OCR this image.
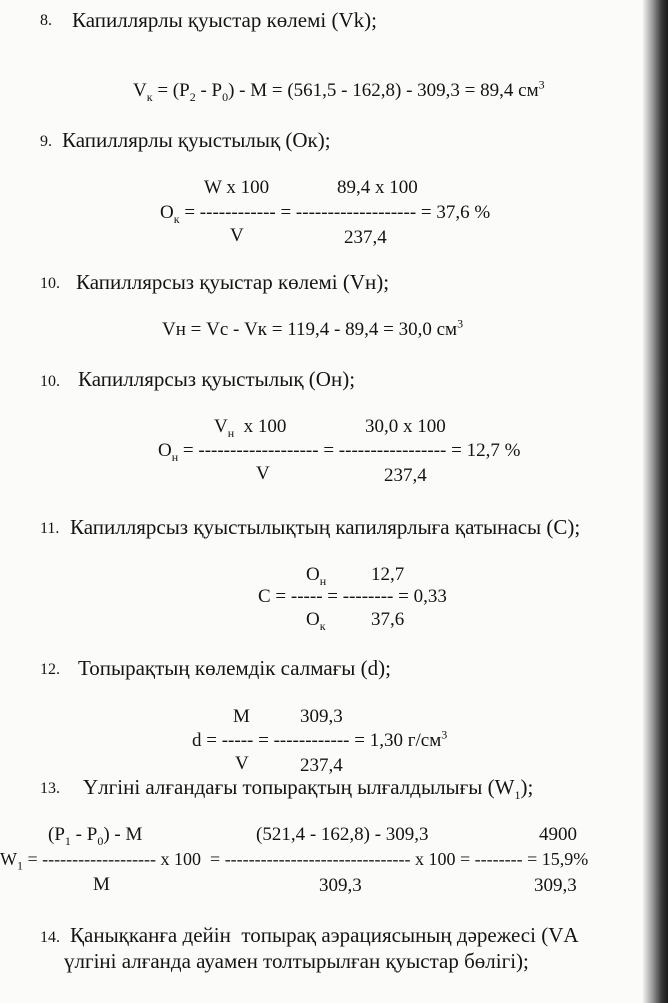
8. Капиллярлы қуыстар көлемі (Vk);
$V_к = (P_2 - P_0) - M = (561,5 - 162,8) - 309,3 = 89,4$ $см^3$
9. Капиллярлы қуыстылық (Ок);
W х 100	89,4 х 100
$О_к$ = ------------ = ------------------- = 37,6 %
V	237,4
10. Капиллярсыз қуыстар көлемі (Vн);
Vн = Vс - Vк = 119,4 - 89,4 = 30,0 $см^3$
10. Капиллярсыз қуыстылық (Он);
$V_н$  х 100	30,0 х 100
$О_н$ = ------------------- = ----------------- = 12,7 %
V	237,4
11. Капиллярсыз қуыстылықтың капилярлыға қатынасы (С);
$О_н$ 12,7
С = ----- = -------- = 0,33
$О_к$ 37,6
12. Топырақтың көлемдік салмағы (d);
M	309,3
d = ----- = ------------ = 1,30 $г/см^3$
V	237,4
13. Үлгіні алғандағы топырақтың ылғалдылығы $(W_1)$;
$(P_1 - P_0)$ - M	(521,4 - 162,8) - 309,3	4900
$W_1$ = ------------------- х 100  = ------------------------------- х 100 = -------- = 15,9%
M	309,3	309,3
14. Қанықканға дейін  топырақ аэрациясының дәрежесі (VА
үлгіні алғанда ауамен толтырылған қуыстар бөлігі);
